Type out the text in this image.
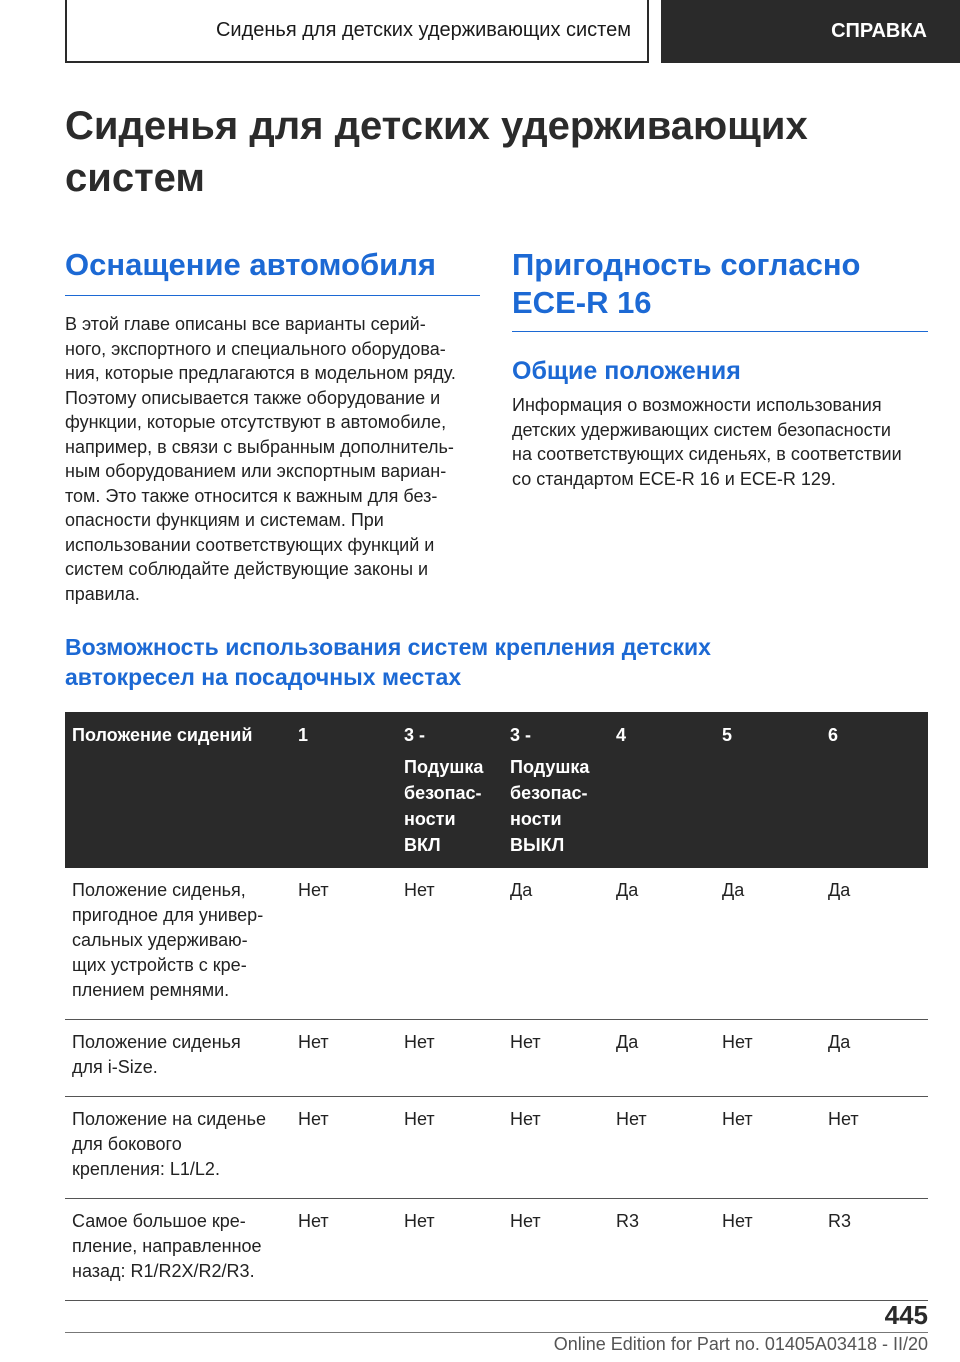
Сиденья для детских удерживающих систем	СПРАВКА
Сиденья для детских удерживающих
систем
Оснащение автомобиля

В этой главе описаны все варианты серий-
ного, экспортного и специального оборудова-
ния, которые предлагаются в модельном ряду.
Поэтому описывается также оборудование и
функции, которые отсутствуют в автомобиле,
например, в связи с выбранным дополнитель-
ным оборудованием или экспортным вариан-
том. Это также относится к важным для без-
опасности функциям и системам. При
использовании соответствующих функций и
систем соблюдайте действующие законы и
правила.

Пригодность согласно
ECE-R 16
Общие положения

Информация о возможности использования
детских удерживающих систем безопасности
на соответствующих сиденьях, в соответствии
со стандартом ECE-R 16 и ECE-R 129.

Возможность использования систем крепления детских
автокресел на посадочных местах
Положение сидений	1	3 -
Подушка
безопас-
ности
ВКЛ	3 -
Подушка
безопас-
ности
ВЫКЛ	4	5	6
Положение сиденья,
пригодное для универ-
сальных удерживаю-
щих устройств с кре-
плением ремнями.	Нет	Нет	Да	Да	Да	Да
Положение сиденья
для i-Size.	Нет	Нет	Нет	Да	Нет	Да
Положение на сиденье
для бокового
крепления: L1/L2.	Нет	Нет	Нет	Нет	Нет	Нет
Самое большое кре-
пление, направленное
назад: R1/R2X/R2/R3.	Нет	Нет	Нет	R3	Нет	R3
445
Online Edition for Part no. 01405A03418 - II/20
